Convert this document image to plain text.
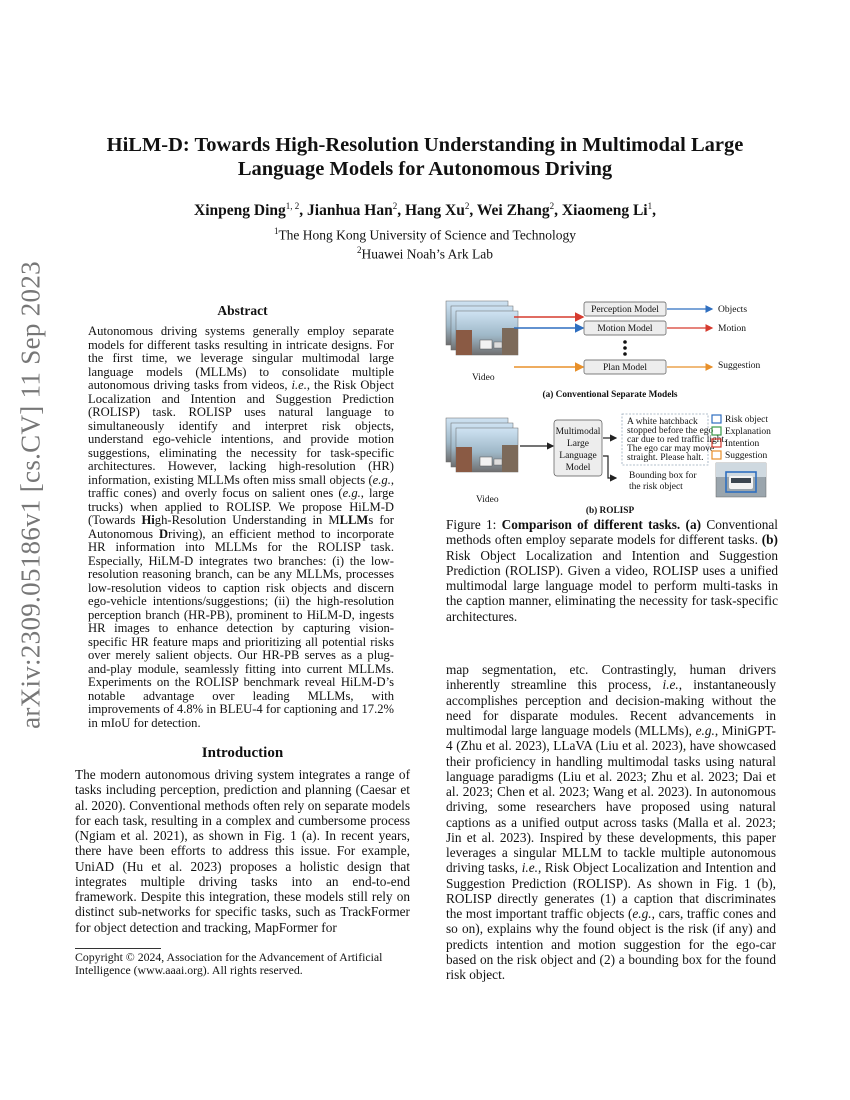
arXiv:2309.05186v1 [cs.CV] 11 Sep 2023
HiLM-D: Towards High-Resolution Understanding in Multimodal Large
Language Models for Autonomous Driving
Xinpeng Ding$^{1, 2}$, Jianhua Han$^2$, Hang Xu$^2$, Wei Zhang$^2$, Xiaomeng Li$^1$,
$^1$The Hong Kong University of Science and Technology
$^2$Huawei Noah’s Ark Lab
Abstract
Autonomous driving systems generally employ separate models for different tasks resulting in intricate designs. For the first time, we leverage singular multimodal large language models (MLLMs) to consolidate multiple autonomous driving tasks from videos, i.e., the Risk Object Localization and Intention and Suggestion Prediction (ROLISP) task. ROLISP uses natural language to simultaneously identify and interpret risk objects, understand ego-vehicle intentions, and provide motion suggestions, eliminating the necessity for task-specific architectures. However, lacking high-resolution (HR) information, existing MLLMs often miss small objects (e.g., traffic cones) and overly focus on salient ones (e.g., large trucks) when applied to ROLISP. We propose HiLM-D (Towards High-Resolution Understanding in MLLMs for Autonomous Driving), an efficient method to incorporate HR information into MLLMs for the ROLISP task. Especially, HiLM-D integrates two branches: (i) the low-resolution reasoning branch, can be any MLLMs, processes low-resolution videos to caption risk objects and discern ego-vehicle intentions/suggestions; (ii) the high-resolution perception branch (HR-PB), prominent to HiLM-D, ingests HR images to enhance detection by capturing vision-specific HR feature maps and prioritizing all potential risks over merely salient objects. Our HR-PB serves as a plug-and-play module, seamlessly fitting into current MLLMs. Experiments on the ROLISP benchmark reveal HiLM-D’s notable advantage over leading MLLMs, with improvements of 4.8% in BLEU-4 for captioning and 17.2% in mIoU for detection.
Introduction
The modern autonomous driving system integrates a range of tasks including perception, prediction and planning (Caesar et al. 2020). Conventional methods often rely on separate models for each task, resulting in a complex and cumbersome process (Ngiam et al. 2021), as shown in Fig. 1 (a). In recent years, there have been efforts to address this issue. For example, UniAD (Hu et al. 2023) proposes a holistic design that integrates multiple driving tasks into an end-to-end framework. Despite this integration, these models still rely on distinct sub-networks for specific tasks, such as TrackFormer for object detection and tracking, MapFormer for
Copyright © 2024, Association for the Advancement of Artificial Intelligence (www.aaai.org). All rights reserved.
Video
Perception Model
Motion Model
Plan Model
Objects
Motion
Suggestion
(a) Conventional Separate Models
Video
Multimodal
Large
Language
Model
A white hatchback
stopped before the ego
car due to red traffic light.
The ego car may move
straight. Please halt.
Bounding box for
the risk object
Risk object
Explanation
Intention
Suggestion
(b) ROLISP
Figure 1: Comparison of different tasks. (a) Conventional methods often employ separate models for different tasks. (b) Risk Object Localization and Intention and Suggestion Prediction (ROLISP). Given a video, ROLISP uses a unified multimodal large language model to perform multi-tasks in the caption manner, eliminating the necessity for task-specific architectures.
map segmentation, etc. Contrastingly, human drivers inherently streamline this process, i.e., instantaneously accomplishes perception and decision-making without the need for disparate modules. Recent advancements in multimodal large language models (MLLMs), e.g., MiniGPT-4 (Zhu et al. 2023), LLaVA (Liu et al. 2023), have showcased their proficiency in handling multimodal tasks using natural language paradigms (Liu et al. 2023; Zhu et al. 2023; Dai et al. 2023; Chen et al. 2023; Wang et al. 2023). In autonomous driving, some researchers have proposed using natural captions as a unified output across tasks (Malla et al. 2023; Jin et al. 2023). Inspired by these developments, this paper leverages a singular MLLM to tackle multiple autonomous driving tasks, i.e., Risk Object Localization and Intention and Suggestion Prediction (ROLISP). As shown in Fig. 1 (b), ROLISP directly generates (1) a caption that discriminates the most important traffic objects (e.g., cars, traffic cones and so on), explains why the found object is the risk (if any) and predicts intention and motion suggestion for the ego-car based on the risk object and (2) a bounding box for the found risk object.
